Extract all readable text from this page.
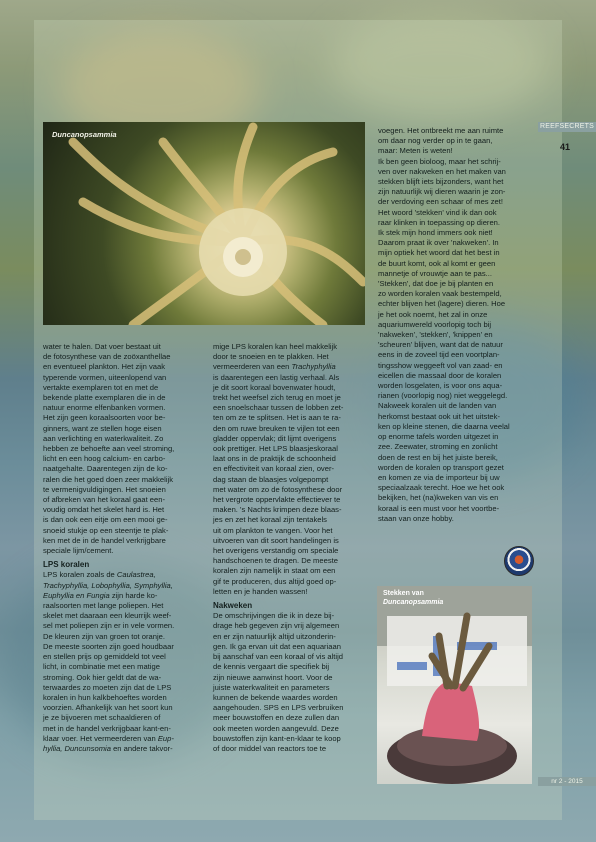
REEFSECRETS
41
Duncanopsammia

water te halen. Dat voer bestaat uit
de fotosynthese van de zoöxanthellae
en eventueel plankton. Het zijn vaak
typerende vormen, uiteenlopend van
vertakte exemplaren tot en met de
bekende platte exemplaren die in de
natuur enorme elfenbanken vormen.
Het zijn geen koraalsoorten voor be-
ginners, want ze stellen hoge eisen
aan verlichting en waterkwaliteit. Zo
hebben ze behoefte aan veel stroming,
licht en een hoog calcium- en carbo-
naatgehalte. Daarentegen zijn de ko-
ralen die het goed doen zeer makkelijk
te vermenigvuldigingen. Het snoeien
of afbreken van het koraal gaat een-
voudig omdat het skelet hard is. Het
is dan ook een eitje om een mooi ge-
snoeid stukje op een steentje te plak-
ken met de in de handel verkrijgbare
speciale lijm/cement.

LPS koralen

LPS koralen zoals de Caulastrea,
Trachyphyllia, Lobophyllia, Symphyllia,
Euphyllia en Fungia zijn harde ko-
raalsoorten met lange poliepen. Het
skelet met daaraan een kleurrijk weef-
sel met poliepen zijn er in vele vormen.
De kleuren zijn van groen tot oranje.
De meeste soorten zijn goed houdbaar
en stellen prijs op gemiddeld tot veel
licht, in combinatie met een matige
stroming. Ook hier geldt dat de wa-
terwaardes zo moeten zijn dat de LPS
koralen in hun kalkbehoeftes worden
voorzien. Afhankelijk van het soort kun
je ze bijvoeren met schaaldieren of
met in de handel verkrijgbaar kant-en-
klaar voer. Het vermeerderen van Eup-
hyllia, Duncunsomia en andere takvor-

mige LPS koralen kan heel makkelijk
door te snoeien en te plakken. Het
vermeerderen van een Trachyphyllia
is daarentegen een lastig verhaal. Als
je dit soort koraal bovenwater houdt,
trekt het weefsel zich terug en moet je
een snoelschaar tussen de lobben zet-
ten om ze te splitsen. Het is aan te ra-
den om ruwe breuken te vijlen tot een
gladder oppervlak; dit lijmt overigens
ook prettiger. Het LPS blaasjeskoraal
laat ons in de praktijk de schoonheid
en effectiviteit van koraal zien, over-
dag staan de blaasjes volgepompt
met water om zo de fotosynthese door
het vergrote oppervlakte effectiever te
maken. 's Nachts krimpen deze blaas-
jes en zet het koraal zijn tentakels
uit om plankton te vangen. Voor het
uitvoeren van dit soort handelingen is
het overigens verstandig om speciale
handschoenen te dragen. De meeste
koralen zijn namelijk in staat om een
gif te produceren, dus altijd goed op-
letten en je handen wassen!

Nakweken

De omschrijvingen die ik in deze bij-
drage heb gegeven zijn vrij algemeen
en er zijn natuurlijk altijd uitzonderin-
gen. Ik ga ervan uit dat een aquariaan
bij aanschaf van een koraal of vis altijd
de kennis vergaart die specifiek bij
zijn nieuwe aanwinst hoort. Voor de
juiste waterkwaliteit en parameters
kunnen de bekende waardes worden
aangehouden. SPS en LPS verbruiken
meer bouwstoffen en deze zullen dan
ook meeten worden aangevuld. Deze
bouwstoffen zijn kant-en-klaar te koop
of door middel van reactors toe te

voegen. Het ontbreekt me aan ruimte
om daar nog verder op in te gaan,
maar: Meten is weten!
Ik ben geen bioloog, maar het schrij-
ven over nakweken en het maken van
stekken blijft iets bijzonders, want het
zijn natuurlijk wij dieren waarin je zon-
der verdoving een schaar of mes zet!
Het woord 'stekken' vind ik dan ook
raar klinken in toepassing op dieren.
Ik stek mijn hond immers ook niet!
Daarom praat ik over 'nakweken'. In
mijn optiek het woord dat het best in
de buurt komt, ook al komt er geen
mannetje of vrouwtje aan te pas...
'Stekken', dat doe je bij planten en
zo worden koralen vaak bestempeld,
echter blijven het (lagere) dieren. Hoe
je het ook noemt, het zal in onze
aquariumwereld voorlopig toch bij
'nakweken', 'stekken', 'knippen' en
'scheuren' blijven, want dat de natuur
eens in de zoveel tijd een voortplan-
tingsshow weggeeft vol van zaad- en
eicellen die massaal door de koralen
worden losgelaten, is voor ons aqua-
rianen (voorlopig nog) niet weggelegd.
Nakweek koralen uit de landen van
herkomst bestaat ook uit het uitstek-
ken op kleine stenen, die daarna veelal
op enorme tafels worden uitgezet in
zee. Zeewater, stroming en zonlicht
doen de rest en bij het juiste bereik,
worden de koralen op transport gezet
en komen ze via de importeur bij uw
speciaalzaak terecht. Hoe we het ook
bekijken, het (na)kweken van vis en
koraal is een must voor het voortbe-
staan van onze hobby.

Stekken van
Duncanopsammia
nr 2 - 2015
